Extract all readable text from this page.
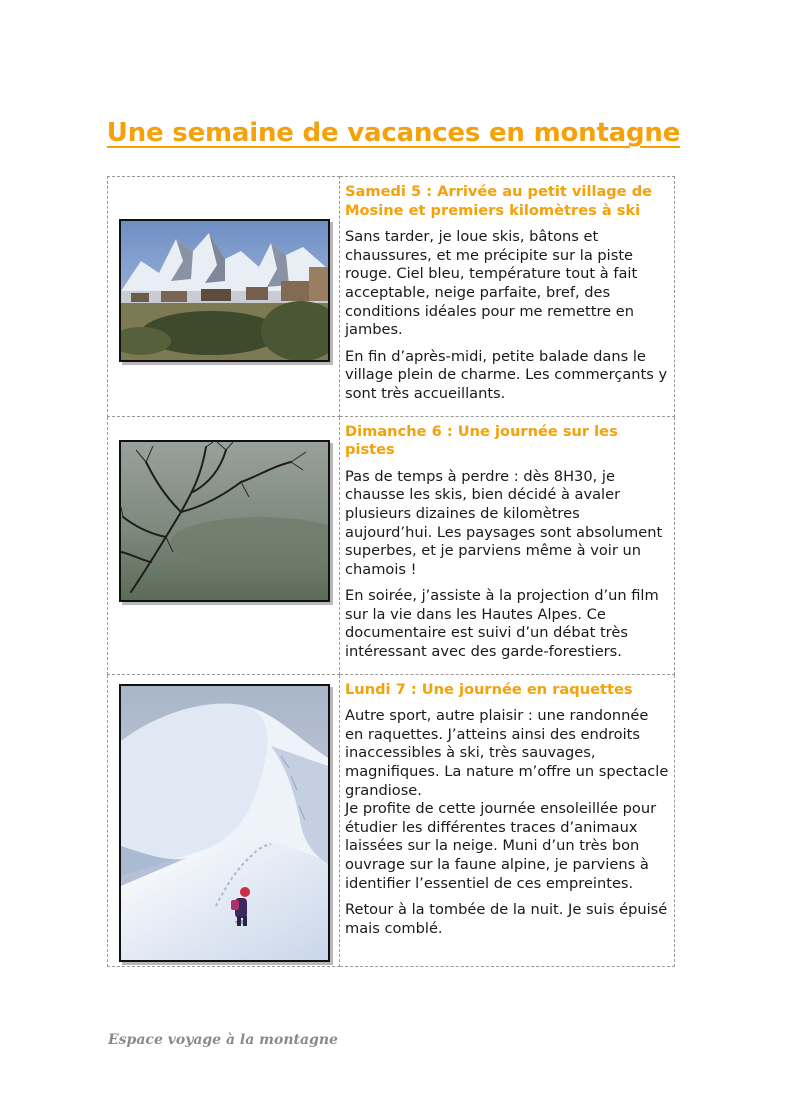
Une semaine de vacances en montagne

Samedi 5 : Arrivée au petit village de Mosine et premiers kilomètres à ski

Sans tarder, je loue skis, bâtons et chaussures, et me précipite sur la piste rouge. Ciel bleu, température tout à fait acceptable, neige parfaite, bref, des conditions idéales pour me remettre en jambes.

En fin d’après-midi, petite balade dans le village plein de charme. Les commerçants y sont très accueillants.

Dimanche 6 : Une journée sur les pistes

Pas de temps à perdre : dès 8H30, je chausse les skis, bien décidé à avaler plusieurs dizaines de kilomètres aujourd’hui. Les paysages sont absolument superbes, et je parviens même à voir un chamois !

En soirée, j’assiste à la projection d’un film sur la vie dans les Hautes Alpes. Ce documentaire est suivi d’un débat très intéressant avec des garde-forestiers.

Lundi 7 : Une journée en raquettes

Autre sport, autre plaisir : une randonnée en raquettes. J’atteins ainsi des endroits inaccessibles à ski, très sauvages, magnifiques. La nature m’offre un spectacle grandiose.
Je profite de cette journée ensoleillée pour étudier les différentes traces d’animaux laissées sur la neige. Muni d’un très bon ouvrage sur la faune alpine, je parviens à identifier l’essentiel de ces empreintes.

Retour à la tombée de la nuit. Je suis épuisé mais comblé.

Espace voyage à la montagne
